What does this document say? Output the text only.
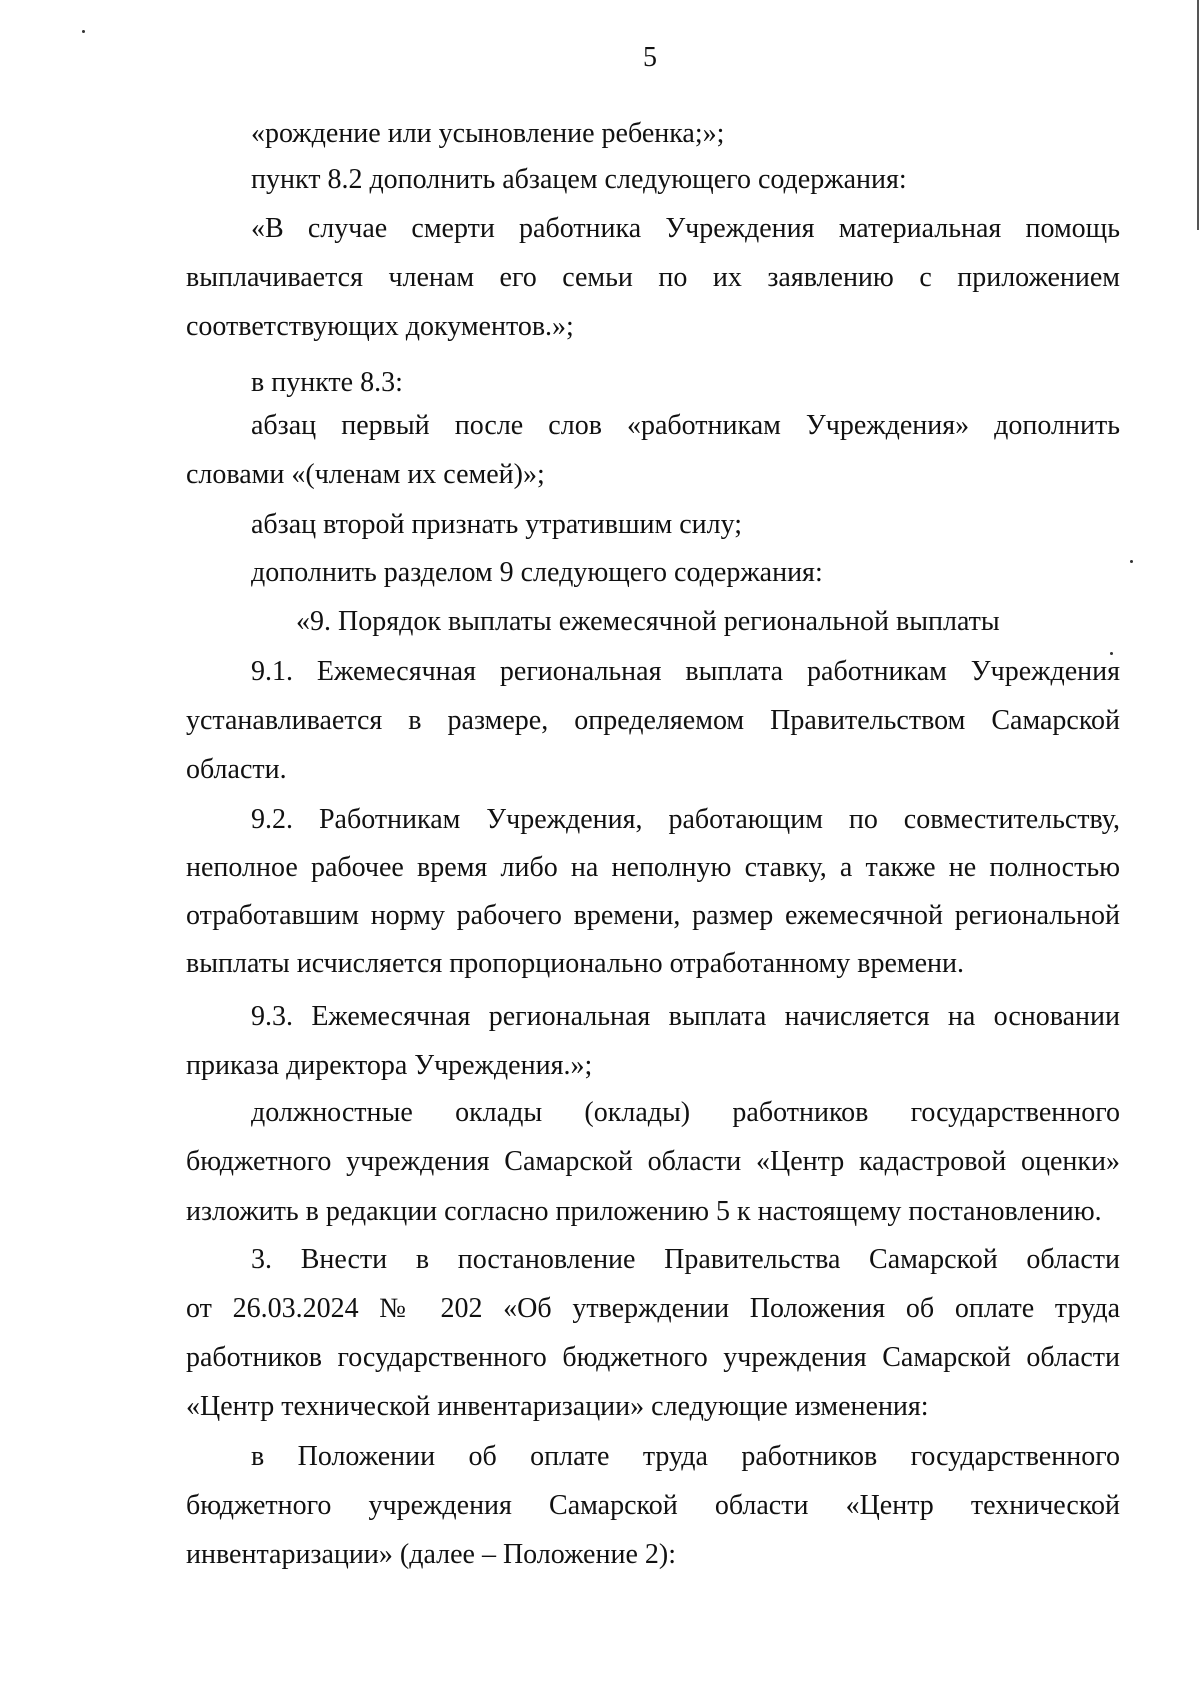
5
«рождение или усыновление ребенка;»;
пункт 8.2 дополнить абзацем следующего содержания:
«В случае смерти работника Учреждения материальная помощь
выплачивается членам его семьи по их заявлению с приложением
соответствующих документов.»;
в пункте 8.3:
абзац первый после слов «работникам Учреждения» дополнить
словами «(членам их семей)»;
абзац второй признать утратившим силу;
дополнить разделом 9 следующего содержания:
«9. Порядок выплаты ежемесячной региональной выплаты
9.1. Ежемесячная региональная выплата работникам Учреждения
устанавливается в размере, определяемом Правительством Самарской
области.
9.2. Работникам Учреждения, работающим по совместительству,
неполное рабочее время либо на неполную ставку, а также не полностью
отработавшим норму рабочего времени, размер ежемесячной региональной
выплаты исчисляется пропорционально отработанному времени.
9.3. Ежемесячная региональная выплата начисляется на основании
приказа директора Учреждения.»;
должностные оклады (оклады) работников государственного
бюджетного учреждения Самарской области «Центр кадастровой оценки»
изложить в редакции согласно приложению 5 к настоящему постановлению.
3. Внести в постановление Правительства Самарской области
от 26.03.2024 № 202 «Об утверждении Положения об оплате труда
работников государственного бюджетного учреждения Самарской области
«Центр технической инвентаризации» следующие изменения:
в Положении об оплате труда работников государственного
бюджетного учреждения Самарской области «Центр технической
инвентаризации» (далее – Положение 2):
